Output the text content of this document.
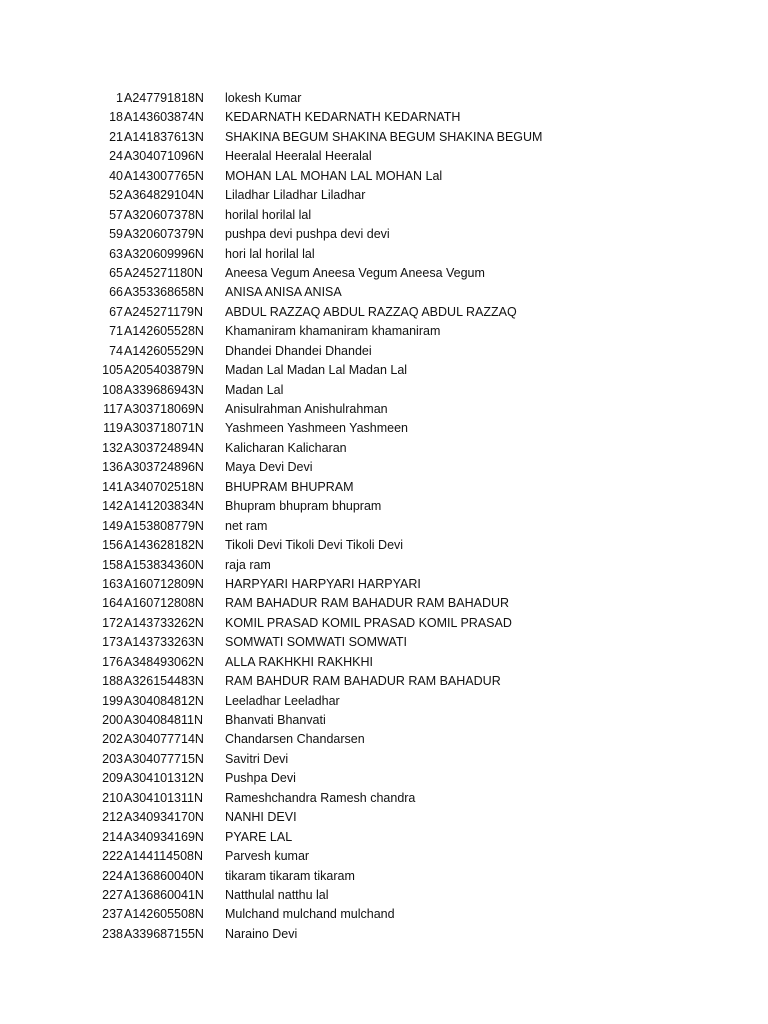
1 A247791818N lokesh Kumar
18 A143603874N KEDARNATH KEDARNATH KEDARNATH
21 A141837613N SHAKINA BEGUM SHAKINA BEGUM SHAKINA BEGUM
24 A304071096N Heeralal Heeralal Heeralal
40 A143007765N MOHAN LAL MOHAN LAL MOHAN Lal
52 A364829104N Liladhar Liladhar Liladhar
57 A320607378N horilal horilal lal
59 A320607379N pushpa devi pushpa devi devi
63 A320609996N hori lal horilal lal
65 A245271180N Aneesa Vegum Aneesa Vegum Aneesa Vegum
66 A353368658N ANISA ANISA ANISA
67 A245271179N ABDUL RAZZAQ ABDUL RAZZAQ ABDUL RAZZAQ
71 A142605528N Khamaniram khamaniram khamaniram
74 A142605529N Dhandei Dhandei Dhandei
105 A205403879N Madan Lal Madan Lal Madan Lal
108 A339686943N Madan Lal
117 A303718069N Anisulrahman Anishulrahman
119 A303718071N Yashmeen Yashmeen Yashmeen
132 A303724894N Kalicharan Kalicharan
136 A303724896N Maya Devi Devi
141 A340702518N BHUPRAM BHUPRAM
142 A141203834N Bhupram bhupram bhupram
149 A153808779N net ram
156 A143628182N Tikoli Devi Tikoli Devi Tikoli Devi
158 A153834360N raja ram
163 A160712809N HARPYARI HARPYARI HARPYARI
164 A160712808N RAM BAHADUR RAM BAHADUR RAM BAHADUR
172 A143733262N KOMIL PRASAD KOMIL PRASAD KOMIL PRASAD
173 A143733263N SOMWATI SOMWATI SOMWATI
176 A348493062N ALLA RAKHKHI RAKHKHI
188 A326154483N RAM BAHDUR RAM BAHADUR RAM BAHADUR
199 A304084812N Leeladhar Leeladhar
200 A304084811N Bhanvati Bhanvati
202 A304077714N Chandarsen Chandarsen
203 A304077715N Savitri Devi
209 A304101312N Pushpa Devi
210 A304101311N Rameshchandra Ramesh chandra
212 A340934170N NANHI DEVI
214 A340934169N PYARE LAL
222 A144114508N Parvesh kumar
224 A136860040N tikaram tikaram tikaram
227 A136860041N Natthulal natthu lal
237 A142605508N Mulchand mulchand mulchand
238 A339687155N Naraino Devi
